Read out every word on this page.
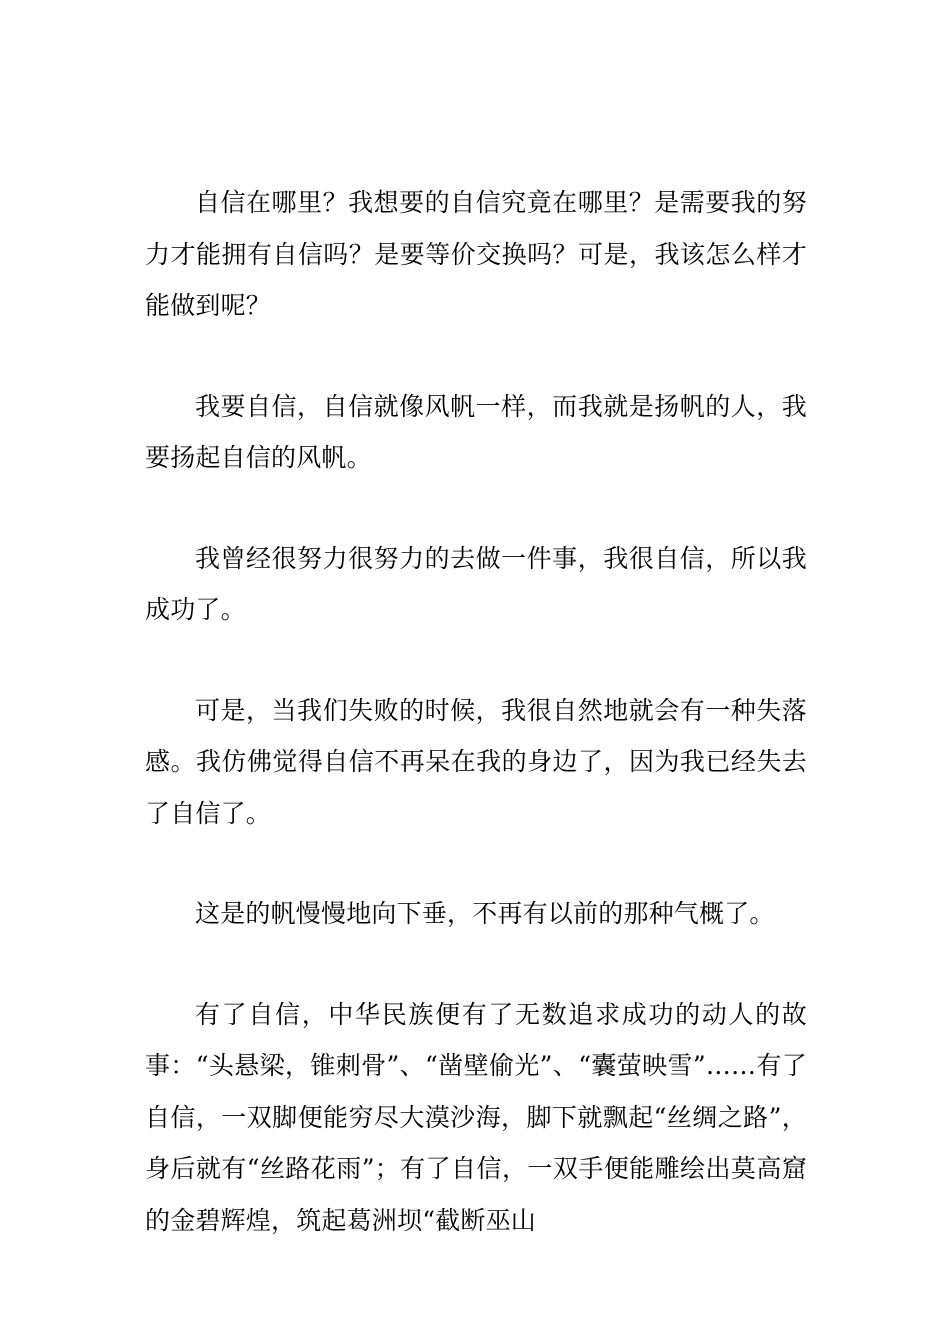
自信在哪里？我想要的自信究竟在哪里？是需要我的努力才能拥有自信吗？是要等价交换吗？可是，我该怎么样才能做到呢？

我要自信，自信就像风帆一样，而我就是扬帆的人，我要扬起自信的风帆。

我曾经很努力很努力的去做一件事，我很自信，所以我成功了。

可是，当我们失败的时候，我很自然地就会有一种失落感。我仿佛觉得自信不再呆在我的身边了，因为我已经失去了自信了。

这是的帆慢慢地向下垂，不再有以前的那种气概了。

有了自信，中华民族便有了无数追求成功的动人的故事：“头悬梁，锥刺骨”、“凿壁偷光”、“囊萤映雪”……有了自信，一双脚便能穷尽大漠沙海，脚下就飘起“丝绸之路”，身后就有“丝路花雨”；有了自信，一双手便能雕绘出莫高窟的金碧辉煌，筑起葛洲坝“截断巫山
